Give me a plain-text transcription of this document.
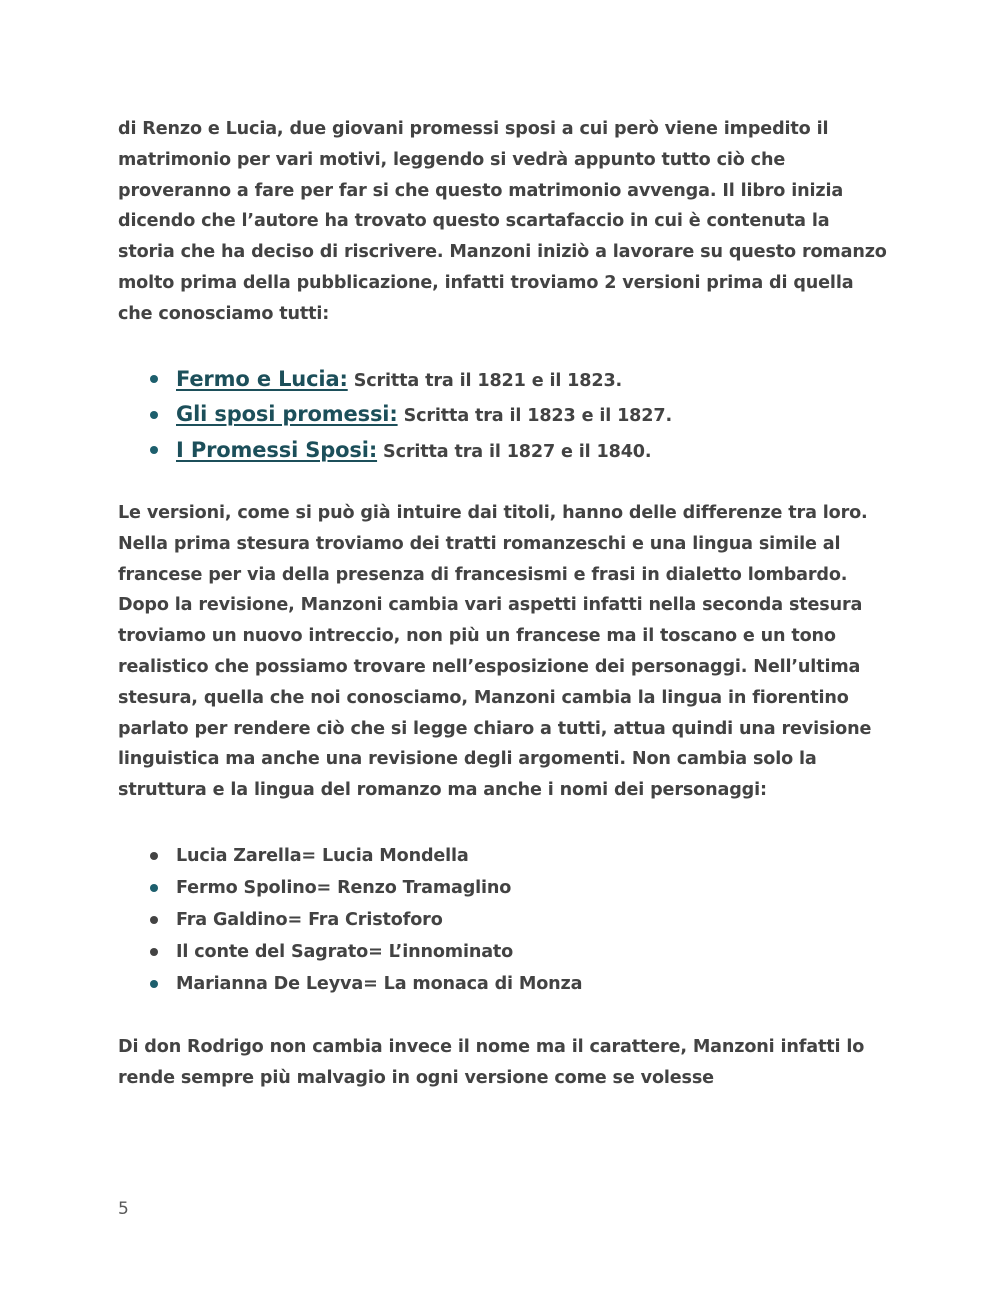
di Renzo e Lucia, due giovani promessi sposi a cui però viene impedito il matrimonio per vari motivi, leggendo si vedrà appunto tutto ciò che proveranno a fare per far si che questo matrimonio avvenga. Il libro inizia dicendo che l’autore ha trovato questo scartafaccio in cui è contenuta la storia che ha deciso di riscrivere. Manzoni iniziò a lavorare su questo romanzo molto prima della pubblicazione, infatti troviamo 2 versioni prima di quella che conosciamo tutti:

Fermo e Lucia: Scritta tra il 1821 e il 1823.
Gli sposi promessi: Scritta tra il 1823 e il 1827.
I Promessi Sposi: Scritta tra il 1827 e il 1840.

Le versioni, come si può già intuire dai titoli, hanno delle differenze tra loro. Nella prima stesura troviamo dei tratti romanzeschi e una lingua simile al francese per via della presenza di francesismi e frasi in dialetto lombardo. Dopo la revisione, Manzoni cambia vari aspetti infatti nella seconda stesura troviamo un nuovo intreccio, non più un francese ma il toscano e un tono realistico che possiamo trovare nell’esposizione dei personaggi. Nell’ultima stesura, quella che noi conosciamo, Manzoni cambia la lingua in fiorentino parlato per rendere ciò che si legge chiaro a tutti, attua quindi una revisione linguistica ma anche una revisione degli argomenti. Non cambia solo la struttura e la lingua del romanzo ma anche i nomi dei personaggi:

Lucia Zarella= Lucia Mondella
Fermo Spolino= Renzo Tramaglino
Fra Galdino= Fra Cristoforo
Il conte del Sagrato= L’innominato
Marianna De Leyva= La monaca di Monza

Di don Rodrigo non cambia invece il nome ma il carattere, Manzoni infatti lo rende sempre più malvagio in ogni versione come se volesse

5
